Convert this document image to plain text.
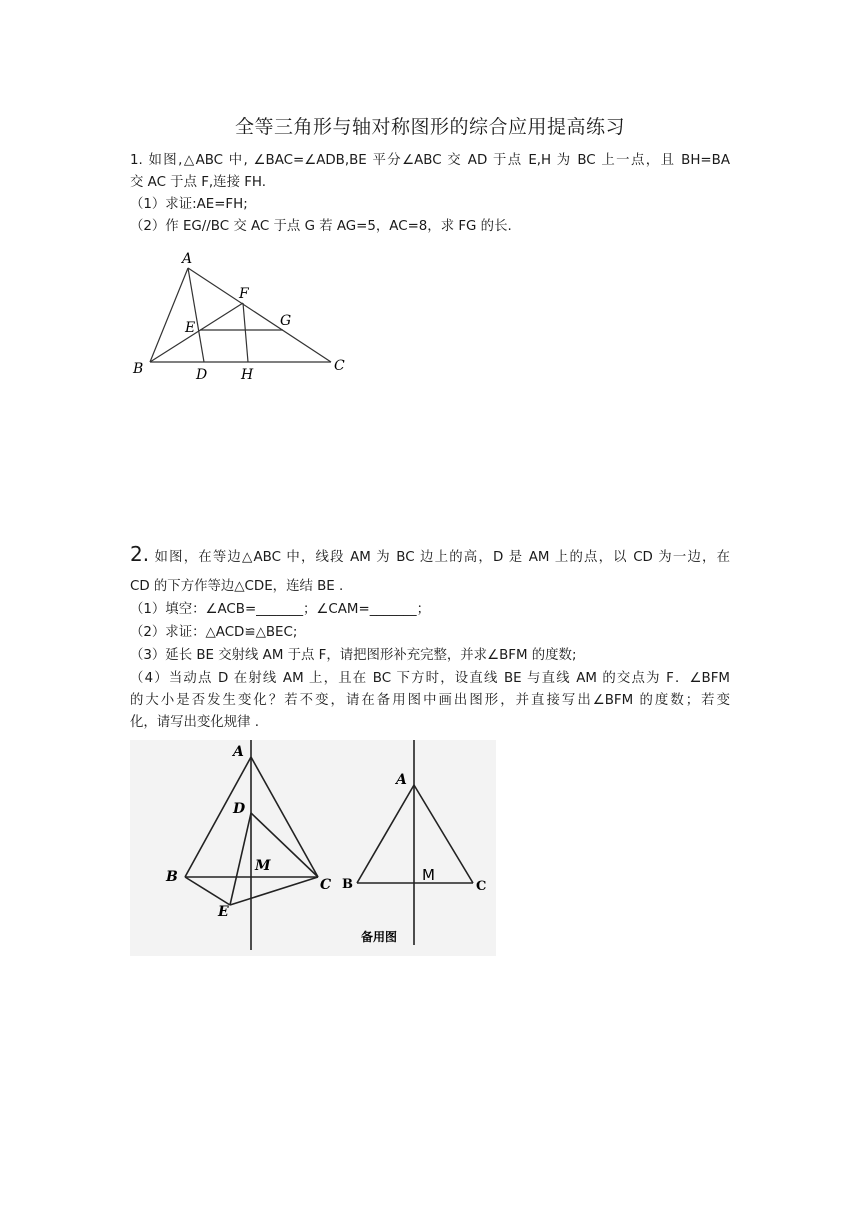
全等三角形与轴对称图形的综合应用提高练习
1. 如图,△ABC 中, ∠BAC=∠ADB,BE 平分∠ABC 交 AD 于点 E,H 为 BC 上一点，且 BH=BA
交 AC 于点 F,连接 FH.
（1）求证:AE=FH;
（2）作 EG//BC 交 AC 于点 G 若 AG=5，AC=8，求 FG 的长.
A
B	C
D
E
F
G
H
2. 如图，在等边△ABC 中，线段 AM 为 BC 边上的高，D 是 AM 上的点，以 CD 为一边，在
CD 的下方作等边△CDE，连结 BE .
（1）填空：∠ACB=_______；∠CAM=_______；
（2）求证：△ACD≌△BEC;
（3）延长 BE 交射线 AM 于点 F，请把图形补充完整，并求∠BFM 的度数;
（4）当动点 D 在射线 AM 上，且在 BC 下方时，设直线 BE 与直线 AM 的交点为 F．∠BFM
的大小是否发生变化？若不变，请在备用图中画出图形，并直接写出∠BFM 的度数；若变
化，请写出变化规律 .
A
B	C
D
E
M
A
B	C
M
备用图
